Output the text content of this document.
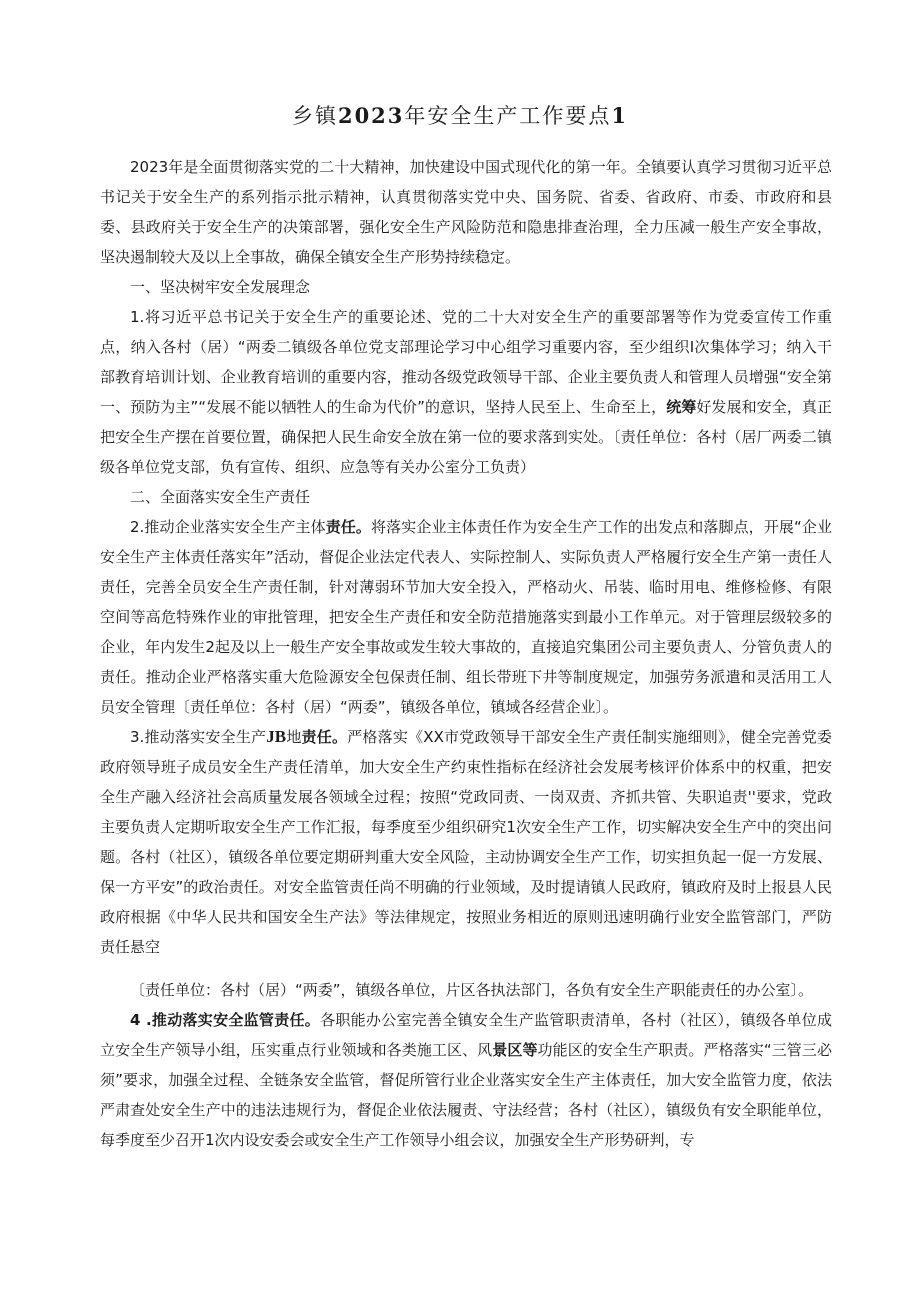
乡镇2023年安全生产工作要点1

2023年是全面贯彻落实党的二十大精神，加快建设中国式现代化的第一年。全镇要认真学习贯彻习近平总书记关于安全生产的系列指示批示精神，认真贯彻落实党中央、国务院、省委、省政府、市委、市政府和县委、县政府关于安全生产的决策部署，强化安全生产风险防范和隐患排查治理，全力压减一般生产安全事故，坚决遏制较大及以上全事故，确保全镇安全生产形势持续稳定。

一、坚决树牢安全发展理念

1.将习近平总书记关于安全生产的重要论述、党的二十大对安全生产的重要部署等作为党委宣传工作重点，纳入各村（居）“两委二镇级各单位党支部理论学习中心组学习重要内容，至少组织I次集体学习；纳入干部教育培训计划、企业教育培训的重要内容，推动各级党政领导干部、企业主要负责人和管理人员增强“安全第一、预防为主”“发展不能以牺牲人的生命为代价”的意识，坚持人民至上、生命至上，统筹好发展和安全，真正把安全生产摆在首要位置，确保把人民生命安全放在第一位的要求落到实处。〔责任单位：各村（居厂两委二镇级各单位党支部，负有宣传、组织、应急等有关办公室分工负责）

二、全面落实安全生产责任

2.推动企业落实安全生产主体责任。将落实企业主体责任作为安全生产工作的出发点和落脚点，开展“企业安全生产主体责任落实年”活动，督促企业法定代表人、实际控制人、实际负责人严格履行安全生产第一责任人责任，完善全员安全生产责任制，针对薄弱环节加大安全投入，严格动火、吊装、临时用电、维修检修、有限空间等高危特殊作业的审批管理，把安全生产责任和安全防范措施落实到最小工作单元。对于管理层级较多的企业，年内发生2起及以上一般生产安全事故或发生较大事故的，直接追究集团公司主要负责人、分管负责人的责任。推动企业严格落实重大危险源安全包保责任制、组长带班下井等制度规定，加强劳务派遣和灵活用工人员安全管理〔责任单位：各村（居）“两委”，镇级各单位，镇域各经营企业〕。

3.推动落实安全生产JB地责任。严格落实《XX市党政领导干部安全生产责任制实施细则》，健全完善党委政府领导班子成员安全生产责任清单，加大安全生产约束性指标在经济社会发展考核评价体系中的权重，把安全生产融入经济社会高质量发展各领域全过程；按照“党政同责、一岗双责、齐抓共管、失职追责''要求，党政主要负责人定期听取安全生产工作汇报，每季度至少组织研究1次安全生产工作，切实解决安全生产中的突出问题。各村（社区），镇级各单位要定期研判重大安全风险，主动协调安全生产工作，切实担负起一促一方发展、保一方平安”的政治责任。对安全监管责任尚不明确的行业领域，及时提请镇人民政府，镇政府及时上报县人民政府根据《中华人民共和国安全生产法》等法律规定，按照业务相近的原则迅速明确行业安全监管部门，严防责任悬空

〔责任单位：各村（居）“两委”，镇级各单位，片区各执法部门，各负有安全生产职能责任的办公室〕。

4 .推动落实安全监管责任。各职能办公室完善全镇安全生产监管职责清单，各村（社区），镇级各单位成立安全生产领导小组，压实重点行业领域和各类施工区、风景区等功能区的安全生产职责。严格落实“三管三必须”要求，加强全过程、全链条安全监管，督促所管行业企业落实安全生产主体责任，加大安全监管力度，依法严肃查处安全生产中的违法违规行为，督促企业依法履责、守法经营；各村（社区），镇级负有安全职能单位，每季度至少召开1次内设安委会或安全生产工作领导小组会议，加强安全生产形势研判，专
